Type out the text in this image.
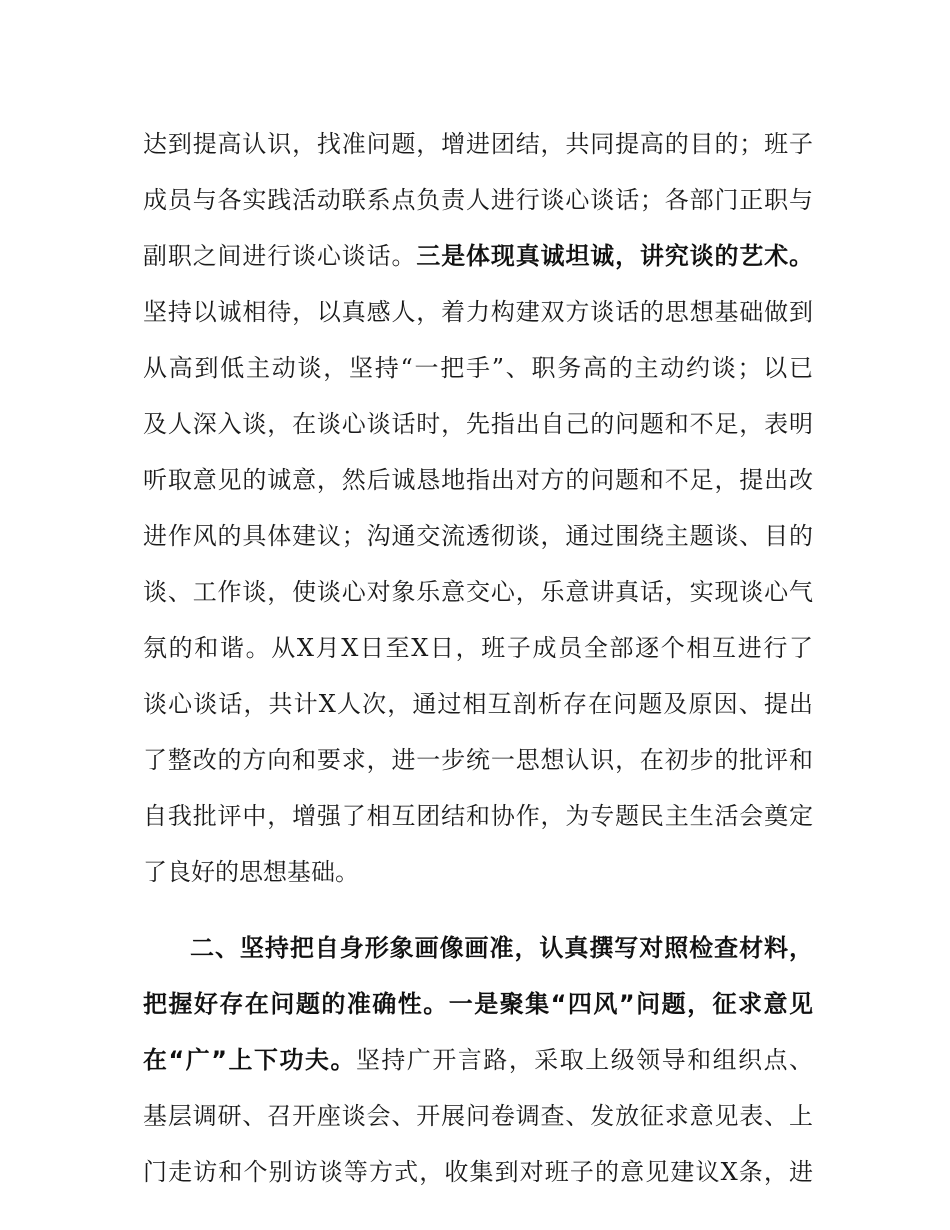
达到提高认识，找准问题，增进团结，共同提高的目的；班子
成员与各实践活动联系点负责人进行谈心谈话；各部门正职与
副职之间进行谈心谈话。三是体现真诚坦诚，讲究谈的艺术。
坚持以诚相待，以真感人，着力构建双方谈话的思想基础做到
从高到低主动谈，坚持“一把手”、职务高的主动约谈；以已
及人深入谈，在谈心谈话时，先指出自己的问题和不足，表明
听取意见的诚意，然后诚恳地指出对方的问题和不足，提出改
进作风的具体建议；沟通交流透彻谈，通过围绕主题谈、目的
谈、工作谈，使谈心对象乐意交心，乐意讲真话，实现谈心气
氛的和谐。从X月X日至X日，班子成员全部逐个相互进行了
谈心谈话，共计X人次，通过相互剖析存在问题及原因、提出
了整改的方向和要求，进一步统一思想认识，在初步的批评和
自我批评中，增强了相互团结和协作，为专题民主生活会奠定
了良好的思想基础。
二、坚持把自身形象画像画准，认真撰写对照检查材料，
把握好存在问题的准确性。一是聚集“四风”问题，征求意见
在“广”上下功夫。坚持广开言路，采取上级领导和组织点、
基层调研、召开座谈会、开展问卷调查、发放征求意见表、上
门走访和个别访谈等方式，收集到对班子的意见建议X条，进
